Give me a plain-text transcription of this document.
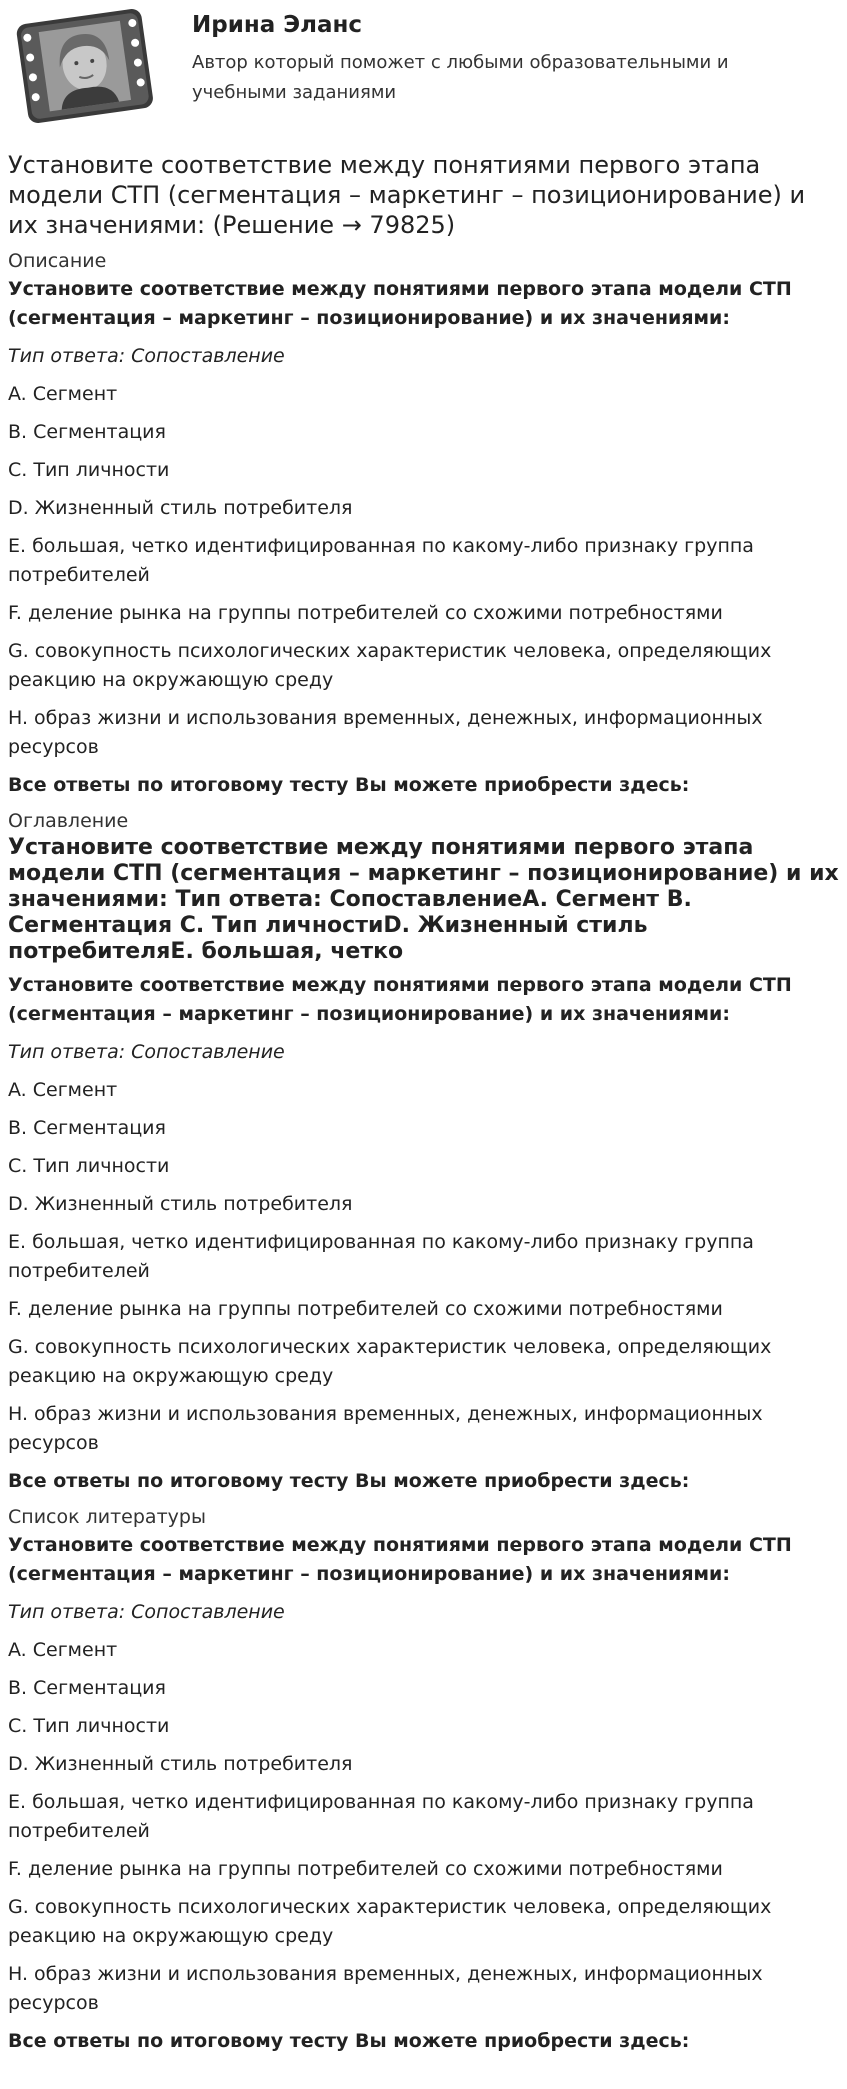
Ирина Эланс
Автор который поможет с любыми образовательными и учебными заданиями
Установите соответствие между понятиями первого этапа модели СТП (сегментация – маркетинг – позиционирование) и их значениями: (Решение → 79825)
Описание

Установите соответствие между понятиями первого этапа модели СТП (сегментация – маркетинг – позиционирование) и их значениями:

Тип ответа: Сопоставление

A. Сегмент

B. Сегментация

C. Тип личности

D. Жизненный стиль потребителя

E. большая, четко идентифицированная по какому-либо признаку группа потребителей

F. деление рынка на группы потребителей со схожими потребностями

G. совокупность психологических характеристик человека, определяющих реакцию на окружающую среду

H. образ жизни и использования временных, денежных, информационных ресурсов

Все ответы по итоговому тесту Вы можете приобрести здесь:

Оглавление
Установите соответствие между понятиями первого этапа модели СТП (сегментация – маркетинг – позиционирование) и их значениями: Тип ответа: СопоставлениеA. Сегмент B. Сегментация C. Тип личностиD. Жизненный стиль потребителяE. большая, четко

Установите соответствие между понятиями первого этапа модели СТП (сегментация – маркетинг – позиционирование) и их значениями:

Тип ответа: Сопоставление

A. Сегмент

B. Сегментация

C. Тип личности

D. Жизненный стиль потребителя

E. большая, четко идентифицированная по какому-либо признаку группа потребителей

F. деление рынка на группы потребителей со схожими потребностями

G. совокупность психологических характеристик человека, определяющих реакцию на окружающую среду

H. образ жизни и использования временных, денежных, информационных ресурсов

Все ответы по итоговому тесту Вы можете приобрести здесь:

Список литературы

Установите соответствие между понятиями первого этапа модели СТП (сегментация – маркетинг – позиционирование) и их значениями:

Тип ответа: Сопоставление

A. Сегмент

B. Сегментация

C. Тип личности

D. Жизненный стиль потребителя

E. большая, четко идентифицированная по какому-либо признаку группа потребителей

F. деление рынка на группы потребителей со схожими потребностями

G. совокупность психологических характеристик человека, определяющих реакцию на окружающую среду

H. образ жизни и использования временных, денежных, информационных ресурсов

Все ответы по итоговому тесту Вы можете приобрести здесь:
